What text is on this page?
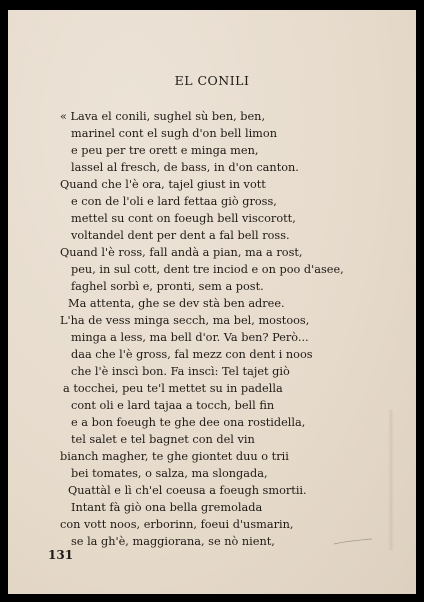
EL CONILI
« Lava el conili, sughel sù ben, ben,
marinel cont el sugh d'on bell limon
e peu per tre orett e minga men,
lassel al fresch, de bass, in d'on canton.
Quand che l'è ora, tajel giust in vott
e con de l'oli e lard fettaa giò gross,
mettel su cont on foeugh bell viscorott,
voltandel dent per dent a fal bell ross.
Quand l'è ross, fall andà a pian, ma a rost,
peu, in sul cott, dent tre inciod e on poo d'asee,
faghel sorbì e, pronti, sem a post.
Ma attenta, ghe se dev stà ben adree.
L'ha de vess minga secch, ma bel, mostoos,
minga a less, ma bell d'or. Va ben? Però...
daa che l'è gross, fal mezz con dent i noos
che l'è inscì bon. Fa inscì: Tel tajet giò
a tocchei, peu te'l mettet su in padella
cont oli e lard tajaa a tocch, bell fin
e a bon foeugh te ghe dee ona rostidella,
tel salet e tel bagnet con del vin
bianch magher, te ghe giontet duu o trii
bei tomates, o salza, ma slongada,
Quattàl e lì ch'el coeusa a foeugh smortii.
Intant fà giò ona bella gremolada
con vott noos, erborinn, foeui d'usmarin,
se la gh'è, maggiorana, se nò nient,
131
